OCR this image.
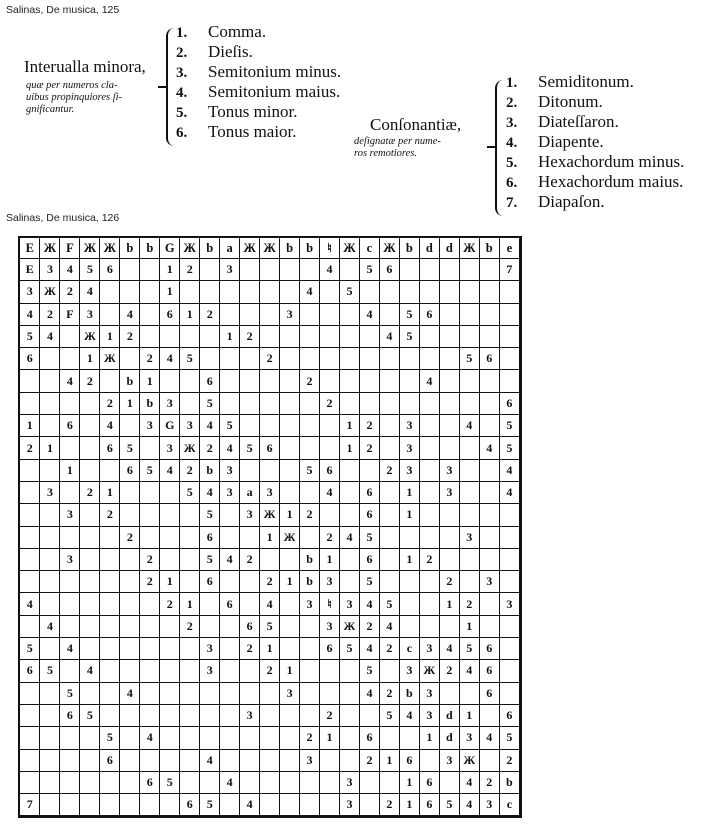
Salinas, De musica, 125
Salinas, De musica, 126
Interualla minora,
quæ per numeros cla-
uibus propinquiores ſi-
gnificantur.
1.	Comma.
2.	Dieſis.
3.	Semitonium minus.
4.	Semitonium maius.
5.	Tonus minor.
6.	Tonus maior.	Conſonantiæ,
deſignatæ per nume-
ros remotiores.
1.	Semiditonum.
2.	Ditonum.
3.	Diateſſaron.
4.	Diapente.
5.	Hexachordum minus.
6.	Hexachordum maius.
7.	Diapaſon.
E	Ж	F	Ж	Ж	b	b	G	Ж	b	a	Ж	Ж	b	b	♮	Ж	c	Ж	b	d	d	Ж	b	e
E	3	4	5	6			1	2		3					4		5	6						7
3	Ж	2	4				1							4		5								
4	2	F	3		4		6	1	2				3				4		5	6				
5	4		Ж	1	2					1	2							4	5					
6			1	Ж		2	4	5				2										5	6	
		4	2		b	1			6					2						4				
				2	1	b	3		5						2									6
1		6		4		3	G	3	4	5						1	2		3			4		5
2	1			6	5		3	Ж	2	4	5	6				1	2		3				4	5
		1			6	5	4	2	b	3				5	6			2	3		3			4
	3		2	1				5	4	3	a	3			4		6		1		3			4
		3		2					5		3	Ж	1	2			6		1					
					2				6			1	Ж		2	4	5					3		
		3				2			5	4	2			b	1		6		1	2				
						2	1		6			2	1	b	3		5				2		3	
4							2	1		6		4		3	♮	3	4	5			1	2		3
	4							2			6	5			3	Ж	2	4				1		
5		4							3		2	1			6	5	4	2	c	3	4	5	6	
6	5		4						3			2	1				5		3	Ж	2	4	6	
		5			4								3				4	2	b	3			6	
		6	5								3				2			5	4	3	d	1		6
				5		4								2	1		6			1	d	3	4	5
				6					4					3			2	1	6		3	Ж		2
						6	5			4						3			1	6		4	2	b
7								6	5		4					3		2	1	6	5	4	3	c
